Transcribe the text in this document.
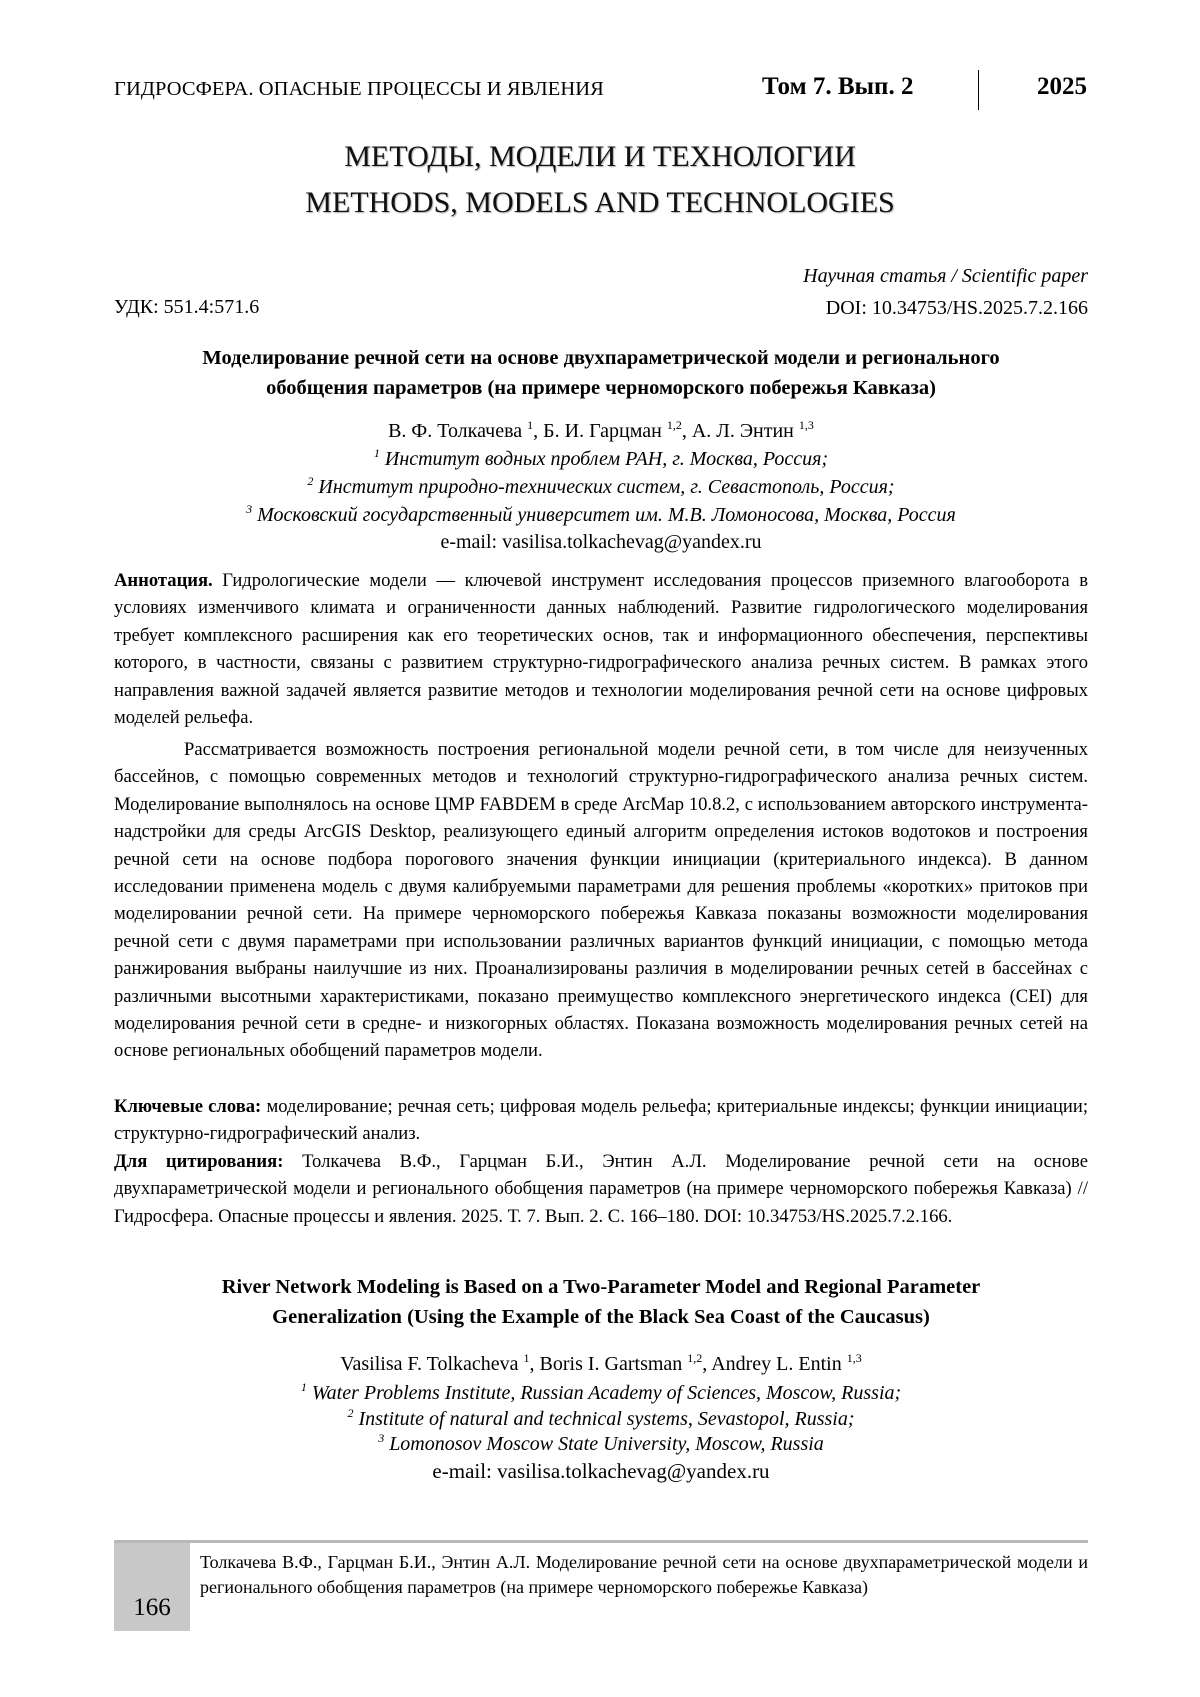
ГИДРОСФЕРА. ОПАСНЫЕ ПРОЦЕССЫ И ЯВЛЕНИЯ	Том 7. Вып. 2	2025
МЕТОДЫ, МОДЕЛИ И ТЕХНОЛОГИИ
METHODS, MODELS AND TECHNOLOGIES
УДК: 551.4:571.6
Научная статья / Scientific paper
DOI: 10.34753/HS.2025.7.2.166
Моделирование речной сети на основе двухпараметрической модели и регионального
обобщения параметров (на примере черноморского побережья Кавказа)
В. Ф. Толкачева $^1$, Б. И. Гарцман $^{1,2}$, А. Л. Энтин $^{1,3}$
$^1$ Институт водных проблем РАН, г. Москва, Россия;
$^2$ Институт природно-технических систем, г. Севастополь, Россия;
$^3$ Московский государственный университет им. М.В. Ломоносова, Москва, Россия
e-mail: vasilisa.tolkachevag@yandex.ru
Аннотация. Гидрологические модели — ключевой инструмент исследования процессов приземного влагооборота в условиях изменчивого климата и ограниченности данных наблюдений. Развитие гидрологического моделирования требует комплексного расширения как его теоретических основ, так и информационного обеспечения, перспективы которого, в частности, связаны с развитием структурно-гидрографического анализа речных систем. В рамках этого направления важной задачей является развитие методов и технологии моделирования речной сети на основе цифровых моделей рельефа.
Рассматривается возможность построения региональной модели речной сети, в том числе для неизученных бассейнов, с помощью современных методов и технологий структурно-гидрографического анализа речных систем. Моделирование выполнялось на основе ЦМР FABDEM в среде ArcMap 10.8.2, с использованием авторского инструмента-надстройки для среды ArcGIS Desktop, реализующего единый алгоритм определения истоков водотоков и построения речной сети на основе подбора порогового значения функции инициации (критериального индекса). В данном исследовании применена модель с двумя калибруемыми параметрами для решения проблемы «коротких» притоков при моделировании речной сети. На примере черноморского побережья Кавказа показаны возможности моделирования речной сети с двумя параметрами при использовании различных вариантов функций инициации, с помощью метода ранжирования выбраны наилучшие из них. Проанализированы различия в моделировании речных сетей в бассейнах с различными высотными характеристиками, показано преимущество комплексного энергетического индекса (CEI) для моделирования речной сети в средне- и низкогорных областях. Показана возможность моделирования речных сетей на основе региональных обобщений параметров модели.
Ключевые слова: моделирование; речная сеть; цифровая модель рельефа; критериальные индексы; функции инициации; структурно-гидрографический анализ.
Для цитирования: Толкачева В.Ф., Гарцман Б.И., Энтин А.Л. Моделирование речной сети на основе двухпараметрической модели и регионального обобщения параметров (на примере черноморского побережья Кавказа) // Гидросфера. Опасные процессы и явления. 2025. Т. 7. Вып. 2. С. 166–180. DOI: 10.34753/HS.2025.7.2.166.
River Network Modeling is Based on a Two-Parameter Model and Regional Parameter
Generalization (Using the Example of the Black Sea Coast of the Caucasus)
Vasilisa F. Tolkacheva $^1$, Boris I. Gartsman $^{1,2}$, Andrey L. Entin $^{1,3}$
$^1$ Water Problems Institute, Russian Academy of Sciences, Moscow, Russia;
$^2$ Institute of natural and technical systems, Sevastopol, Russia;
$^3$ Lomonosov Moscow State University, Moscow, Russia
e-mail: vasilisa.tolkachevag@yandex.ru
166
Толкачева В.Ф., Гарцман Б.И., Энтин А.Л. Моделирование речной сети на основе двухпараметрической модели и регионального обобщения параметров (на примере черноморского побережье Кавказа)
